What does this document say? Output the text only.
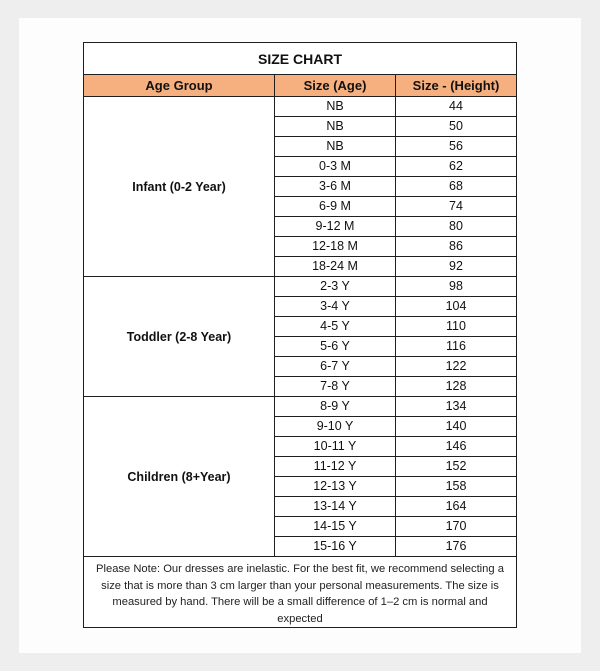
SIZE CHART
Age Group	Size (Age)	Size - (Height)
Infant (0-2 Year)
NB	44
NB	50
NB	56
0-3 M	62
3-6 M	68
6-9 M	74
9-12 M	80
12-18 M	86
18-24 M	92
Toddler (2-8 Year)
2-3 Y	98
3-4 Y	104
4-5 Y	110
5-6 Y	116
6-7 Y	122
7-8 Y	128
Children (8+Year)
8-9 Y	134
9-10 Y	140
10-11 Y	146
11-12 Y	152
12-13 Y	158
13-14 Y	164
14-15 Y	170
15-16 Y	176
Please Note: Our dresses are inelastic. For the best fit, we recommend selecting a size that is more than 3 cm larger than your personal measurements. The size is measured by hand. There will be a small difference of 1–2 cm is normal and expected
